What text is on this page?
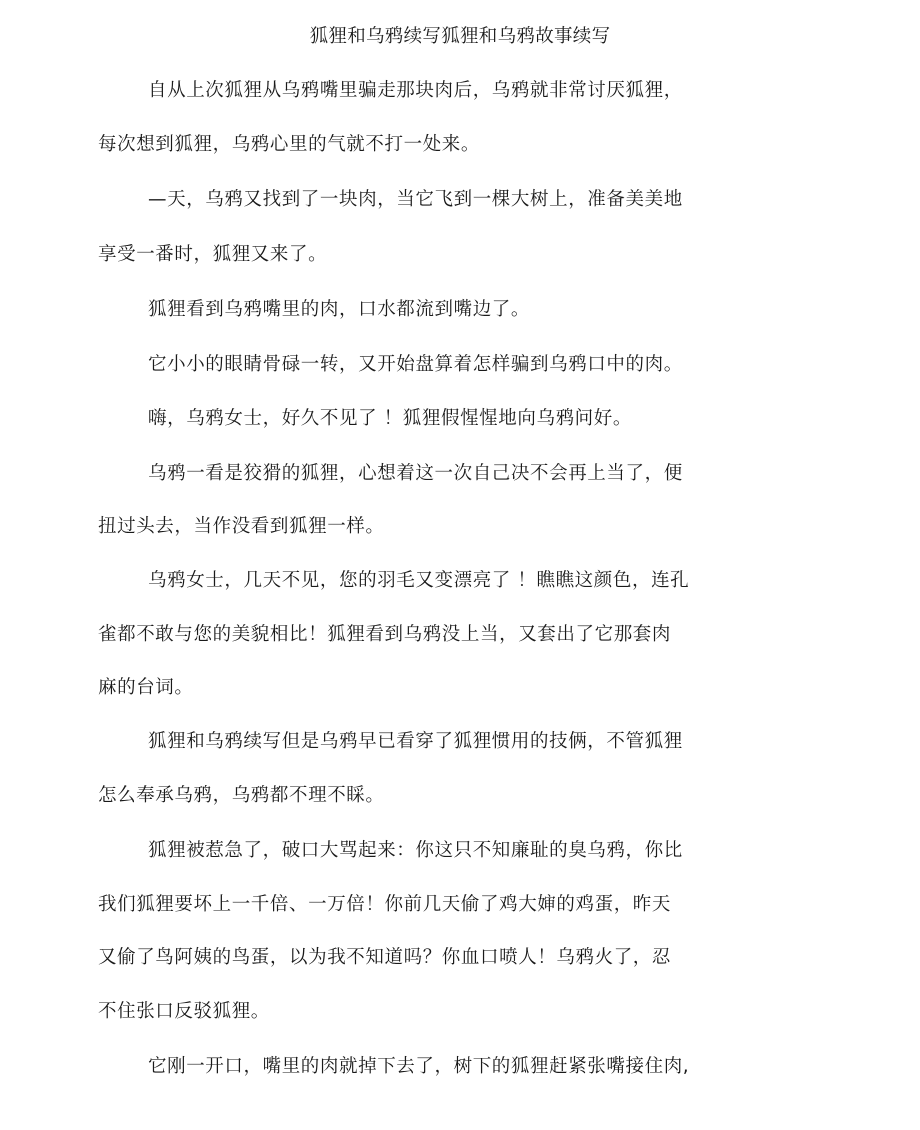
狐狸和乌鸦续写狐狸和乌鸦故事续写
自从上次狐狸从乌鸦嘴里骗走那块肉后，乌鸦就非常讨厌狐狸，
每次想到狐狸，乌鸦心里的气就不打一处来。
—天，乌鸦又找到了一块肉，当它飞到一棵大树上，准备美美地
享受一番时，狐狸又来了。
狐狸看到乌鸦嘴里的肉，口水都流到嘴边了。
它小小的眼睛骨碌一转，又开始盘算着怎样骗到乌鸦口中的肉。
嗨，乌鸦女士，好久不见了 ！狐狸假惺惺地向乌鸦问好。
乌鸦一看是狡猾的狐狸，心想着这一次自己决不会再上当了，便
扭过头去，当作没看到狐狸一样。
乌鸦女士，几天不见，您的羽毛又变漂亮了 ！瞧瞧这颜色，连孔
雀都不敢与您的美貌相比！狐狸看到乌鸦没上当，又套出了它那套肉
麻的台词。
狐狸和乌鸦续写但是乌鸦早已看穿了狐狸惯用的技俩，不管狐狸
怎么奉承乌鸦，乌鸦都不理不睬。
狐狸被惹急了，破口大骂起来：你这只不知廉耻的臭乌鸦，你比
我们狐狸要坏上一千倍、一万倍！你前几天偷了鸡大婶的鸡蛋，昨天
又偷了鸟阿姨的鸟蛋，以为我不知道吗？你血口喷人！乌鸦火了，忍
不住张口反驳狐狸。
它刚一开口，嘴里的肉就掉下去了，树下的狐狸赶紧张嘴接住肉,
